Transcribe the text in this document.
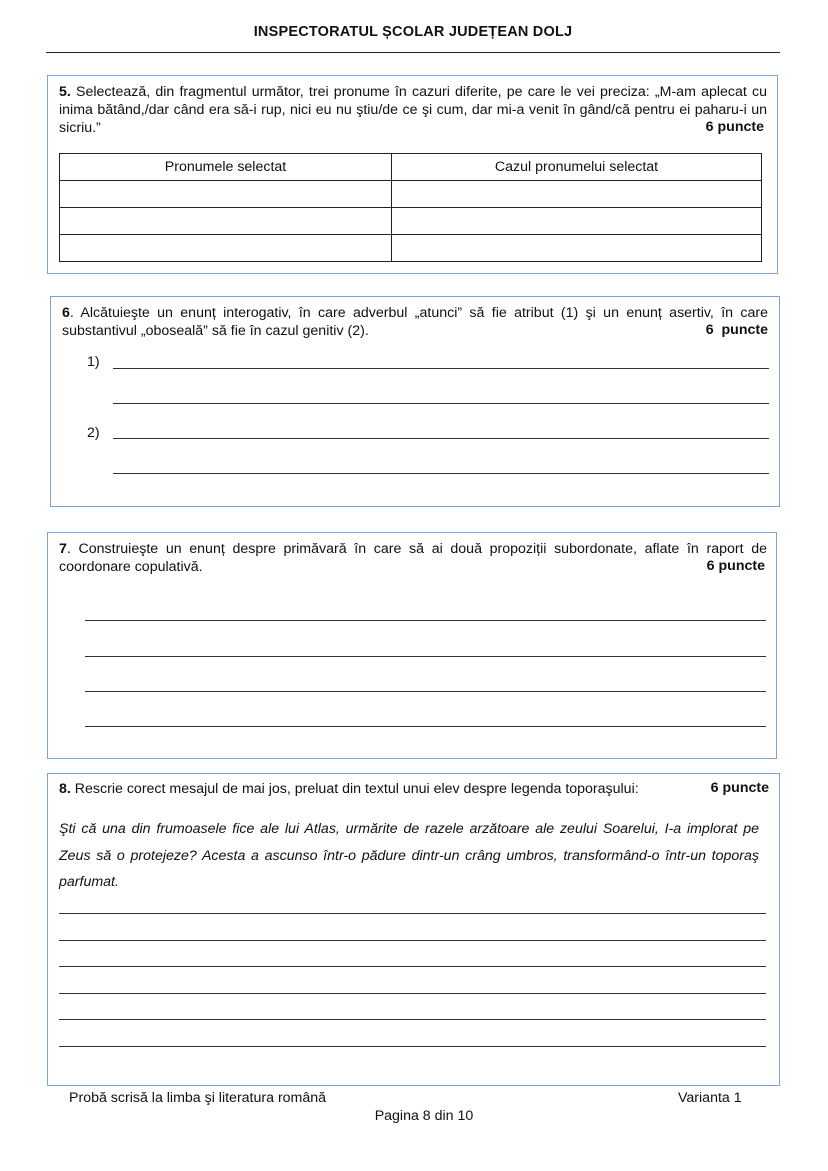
INSPECTORATUL ȘCOLAR JUDEȚEAN DOLJ
5. Selectează, din fragmentul următor, trei pronume în cazuri diferite, pe care le vei preciza: „M-am aplecat cu inima bătând,/dar când era să-i rup, nici eu nu ştiu/de ce şi cum, dar mi-a venit în gând/că pentru ei paharu-i un sicriu.”	6 puncte
Pronumele selectat	Cazul pronumelui selectat

6. Alcătuieşte un enunț interogativ, în care adverbul „atunci” să fie atribut (1) şi un enunț asertiv, în care substantivul „oboseală” să fie în cazul genitiv (2).	6  puncte
1)
2)
7. Construieşte un enunț despre primăvară în care să ai două propoziții subordonate, aflate în raport de coordonare copulativă.	6 puncte
8. Rescrie corect mesajul de mai jos, preluat din textul unui elev despre legenda toporaşului:	6 puncte
Şti că una din frumoasele fice ale lui Atlas, urmărite de razele arzătoare ale zeului Soarelui, I-a implorat pe Zeus să o protejeze? Acesta a ascunso într-o pădure dintr-un crâng umbros, transformând-o într-un toporaş parfumat.
Probă scrisă la limba şi literatura română	Varianta 1
Pagina 8 din 10
